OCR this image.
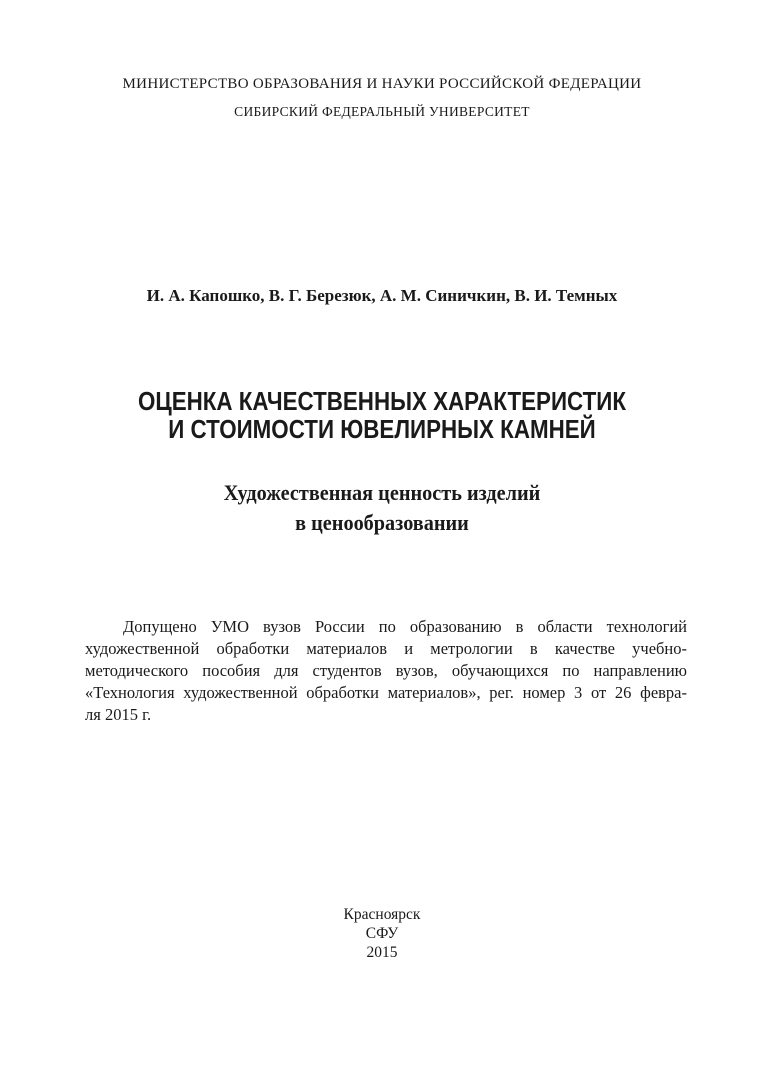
МИНИСТЕРСТВО ОБРАЗОВАНИЯ И НАУКИ РОССИЙСКОЙ ФЕДЕРАЦИИ
СИБИРСКИЙ ФЕДЕРАЛЬНЫЙ УНИВЕРСИТЕТ
И. А. Капошко, В. Г. Березюк, А. М. Синичкин, В. И. Темных
ОЦЕНКА КАЧЕСТВЕННЫХ ХАРАКТЕРИСТИК
И СТОИМОСТИ ЮВЕЛИРНЫХ КАМНЕЙ
Художественная ценность изделий
в ценообразовании
Допущено УМО вузов России по образованию в области технологий
художественной обработки материалов и метрологии в качестве учебно-
методического пособия для студентов вузов, обучающихся по направлению
«Технология художественной обработки материалов», рег. номер 3 от 26 февра-
ля 2015 г.
Красноярск
СФУ
2015
